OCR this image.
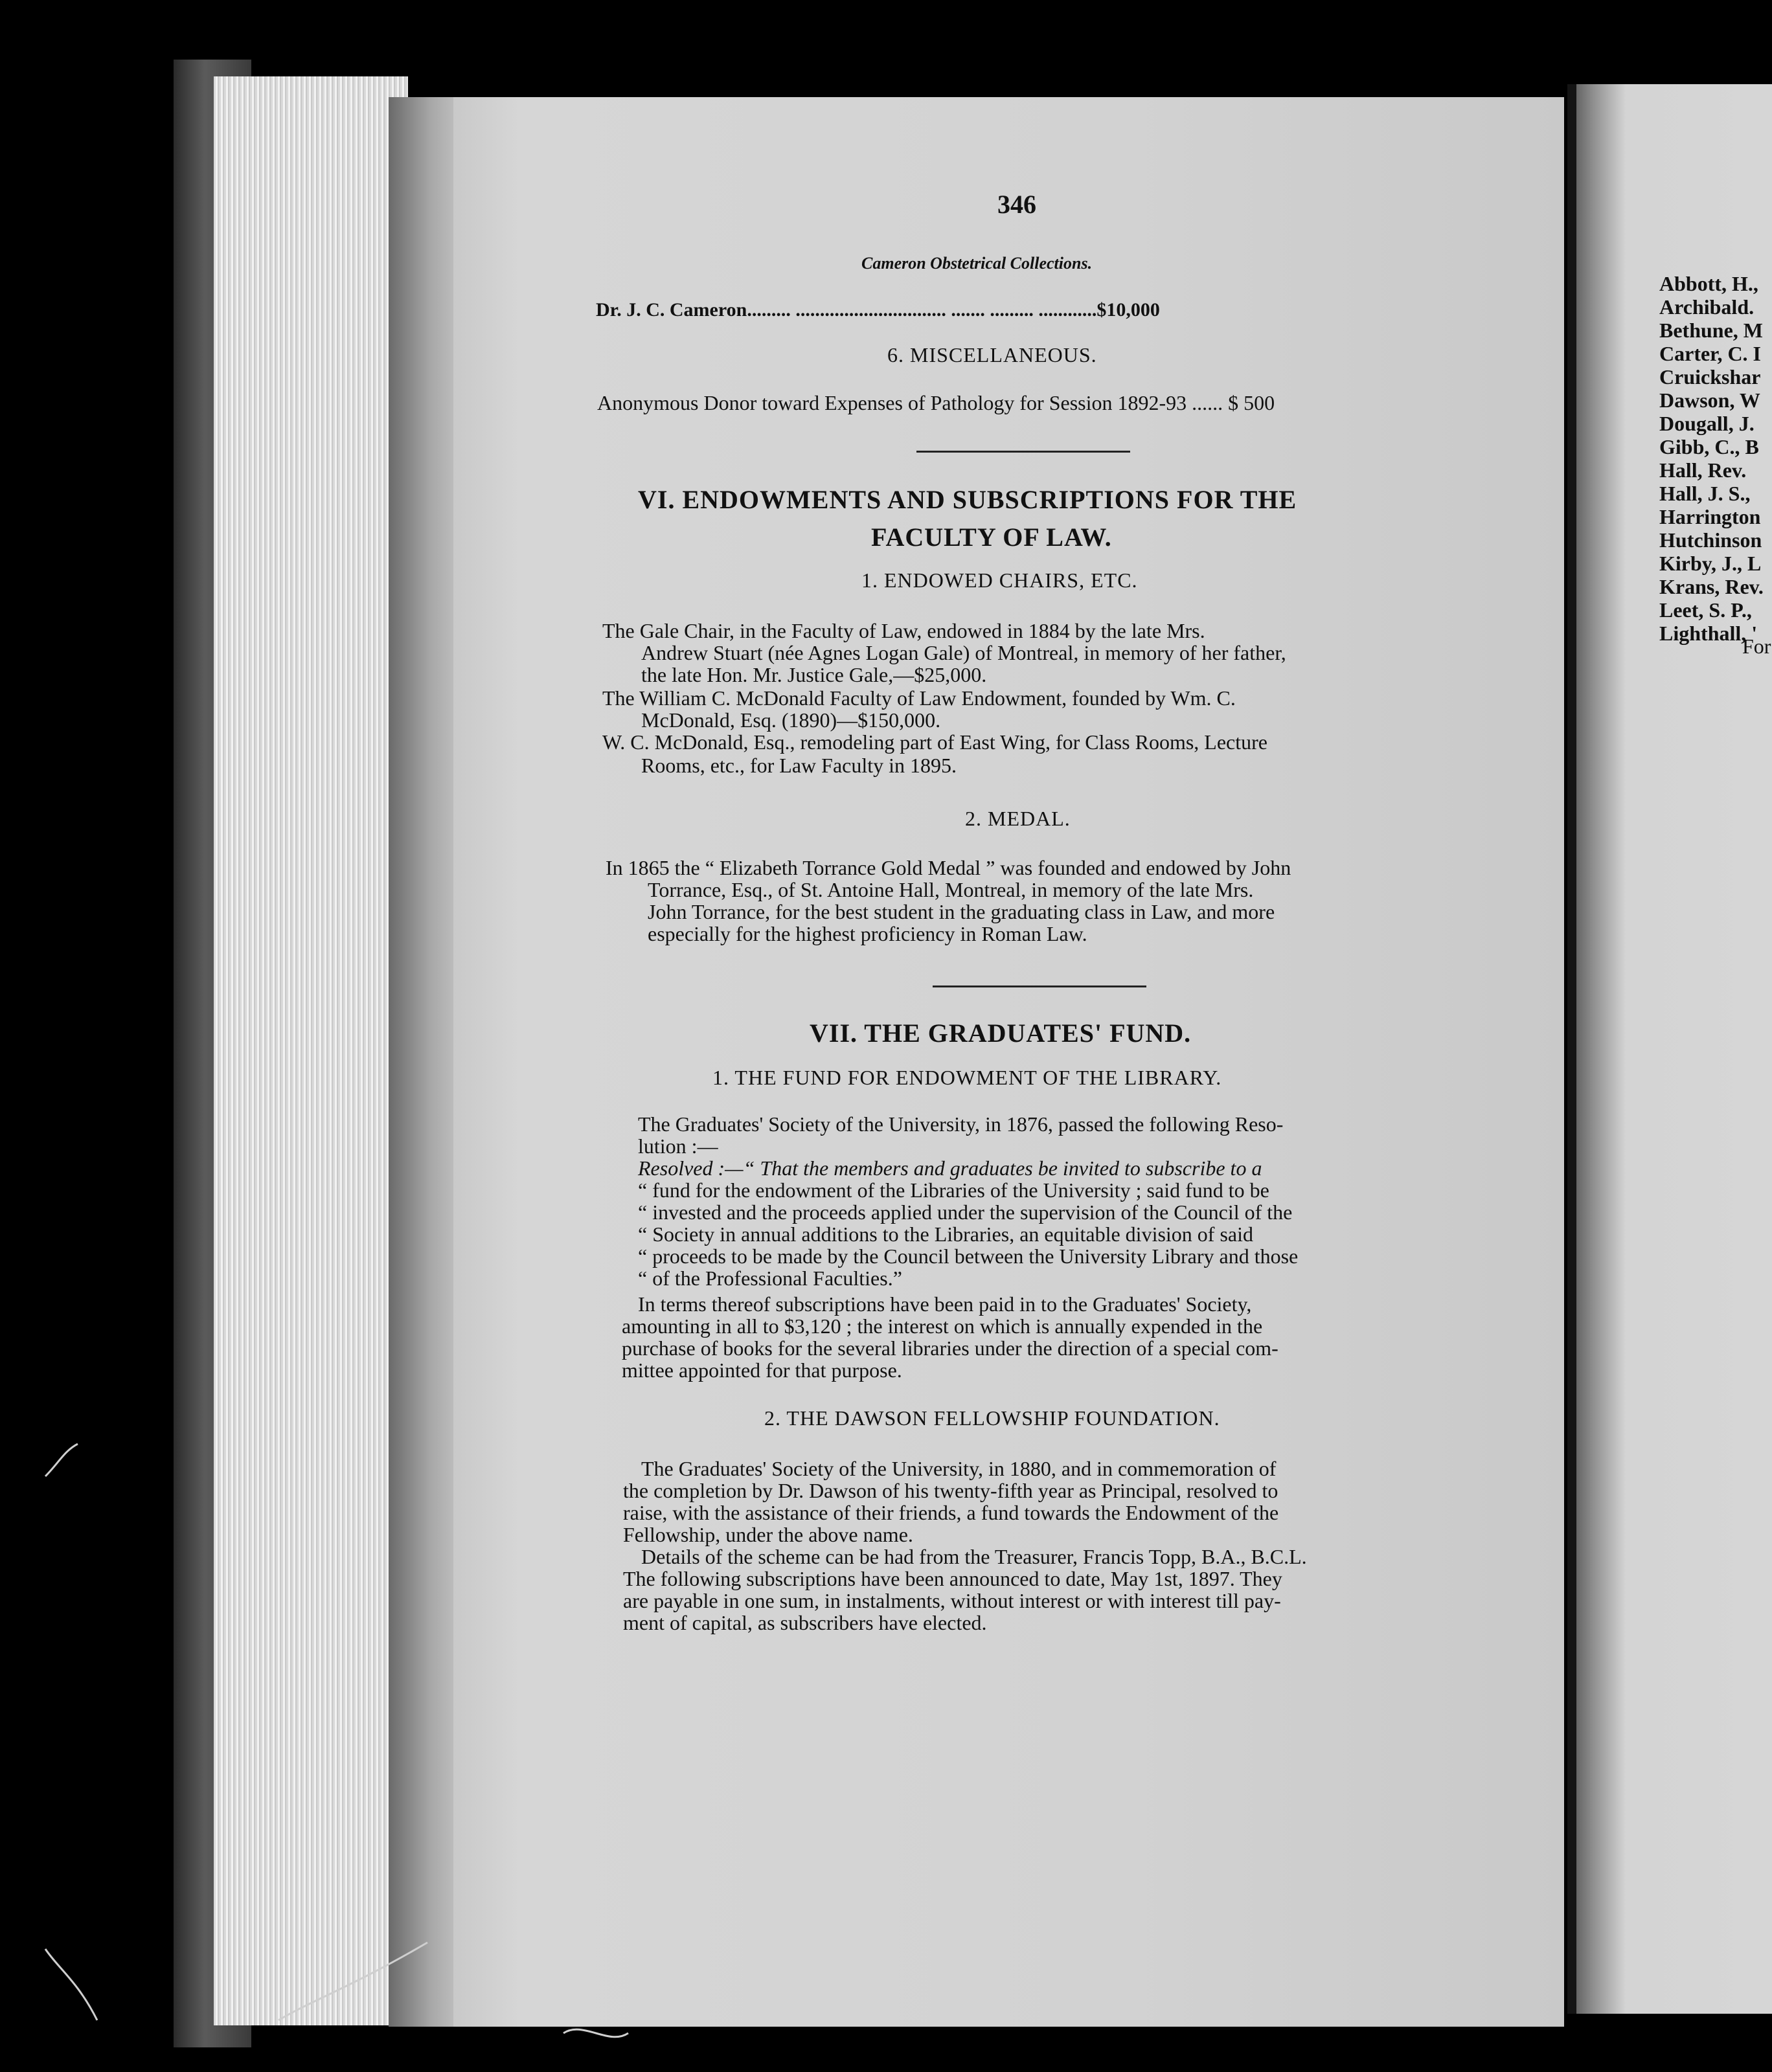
346
Cameron Obstetrical Collections.
Dr. J. C. Cameron......... ............................... ....... ......... ............$10,000
6. MISCELLANEOUS.
Anonymous Donor toward Expenses of Pathology for Session 1892-93 ...... $ 500
VI. ENDOWMENTS AND SUBSCRIPTIONS FOR THE
FACULTY OF LAW.
1. ENDOWED CHAIRS, ETC.
The Gale Chair, in the Faculty of Law, endowed in 1884 by the late Mrs.
Andrew Stuart (née Agnes Logan Gale) of Montreal, in memory of her father,
the late Hon. Mr. Justice Gale,—$25,000.
The William C. McDonald Faculty of Law Endowment, founded by Wm. C.
McDonald, Esq. (1890)—$150,000.
W. C. McDonald, Esq., remodeling part of East Wing, for Class Rooms, Lecture
Rooms, etc., for Law Faculty in 1895.
2. MEDAL.
In 1865 the “ Elizabeth Torrance Gold Medal ” was founded and endowed by John
Torrance, Esq., of St. Antoine Hall, Montreal, in memory of the late Mrs.
John Torrance, for the best student in the graduating class in Law, and more
especially for the highest proficiency in Roman Law.
VII. THE GRADUATES' FUND.
1. THE FUND FOR ENDOWMENT OF THE LIBRARY.
The Graduates' Society of the University, in 1876, passed the following Reso-
lution :—
Resolved :—“ That the members and graduates be invited to subscribe to a
“ fund for the endowment of the Libraries of the University ; said fund to be
“ invested and the proceeds applied under the supervision of the Council of the
“ Society in annual additions to the Libraries, an equitable division of said
“ proceeds to be made by the Council between the University Library and those
“ of the Professional Faculties.”
In terms thereof subscriptions have been paid in to the Graduates' Society,
amounting in all to $3,120 ; the interest on which is annually expended in the
purchase of books for the several libraries under the direction of a special com-
mittee appointed for that purpose.
2. THE DAWSON FELLOWSHIP FOUNDATION.
The Graduates' Society of the University, in 1880, and in commemoration of
the completion by Dr. Dawson of his twenty-fifth year as Principal, resolved to
raise, with the assistance of their friends, a fund towards the Endowment of the
Fellowship, under the above name.
Details of the scheme can be had from the Treasurer, Francis Topp, B.A., B.C.L.
The following subscriptions have been announced to date, May 1st, 1897. They
are payable in one sum, in instalments, without interest or with interest till pay-
ment of capital, as subscribers have elected.
Abbott, H.,
Archibald.
Bethune, M
Carter, C. I
Cruickshar
Dawson, W
Dougall, J.
Gibb, C., B
Hall, Rev.
Hall, J. S.,
Harrington
Hutchinson
Kirby, J., L
Krans, Rev.
Leet, S. P.,
Lighthall, '
For
